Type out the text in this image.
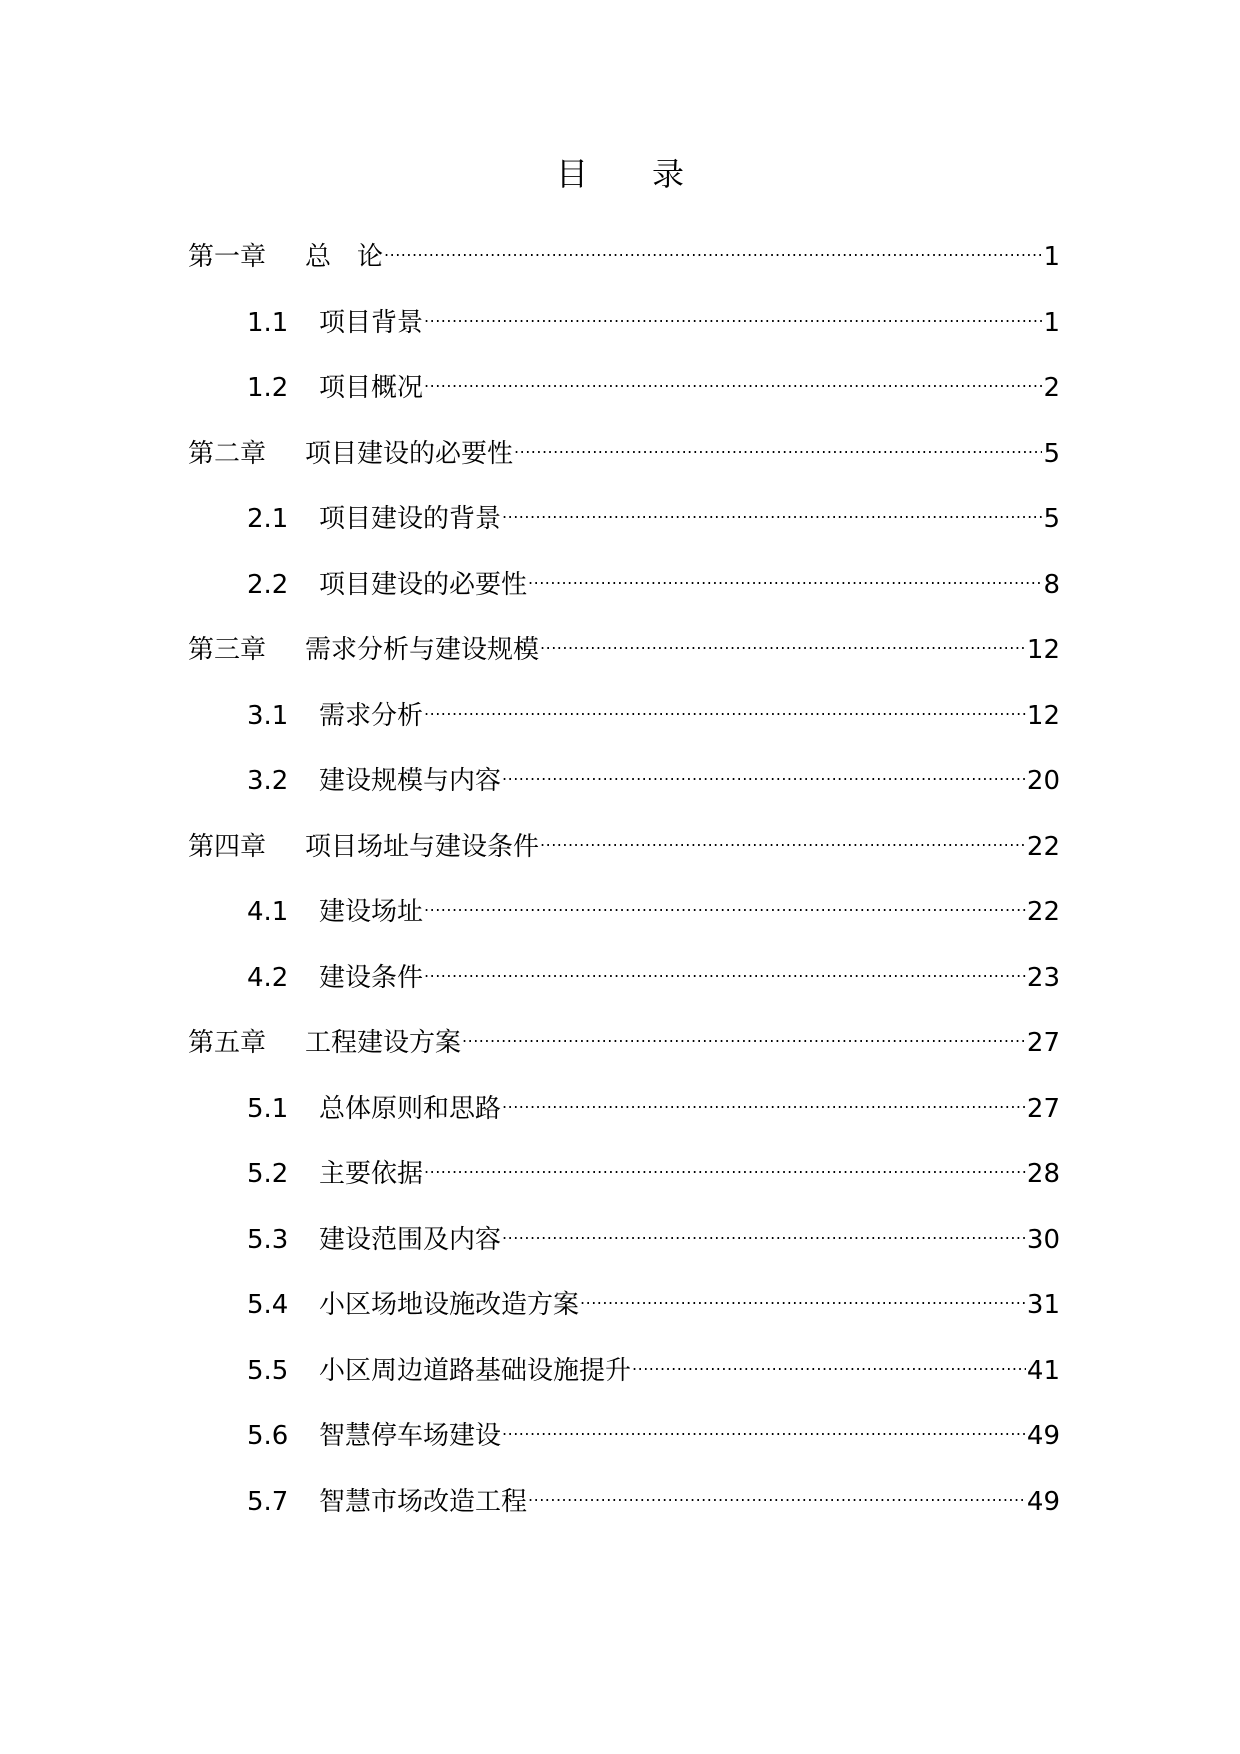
目　录
第一章	总　论 .....	1
1.1	项目背景 .....	1
1.2	项目概况 .....	2
第二章	项目建设的必要性 .....	5
2.1	项目建设的背景 .....	5
2.2	项目建设的必要性 .....	8
第三章	需求分析与建设规模 .....	12
3.1	需求分析 .....	12
3.2	建设规模与内容 .....	20
第四章	项目场址与建设条件 .....	22
4.1	建设场址 .....	22
4.2	建设条件 .....	23
第五章	工程建设方案 .....	27
5.1	总体原则和思路 .....	27
5.2	主要依据 .....	28
5.3	建设范围及内容 .....	30
5.4	小区场地设施改造方案 .....	31
5.5	小区周边道路基础设施提升 .....	41
5.6	智慧停车场建设 .....	49
5.7	智慧市场改造工程 .....	49
